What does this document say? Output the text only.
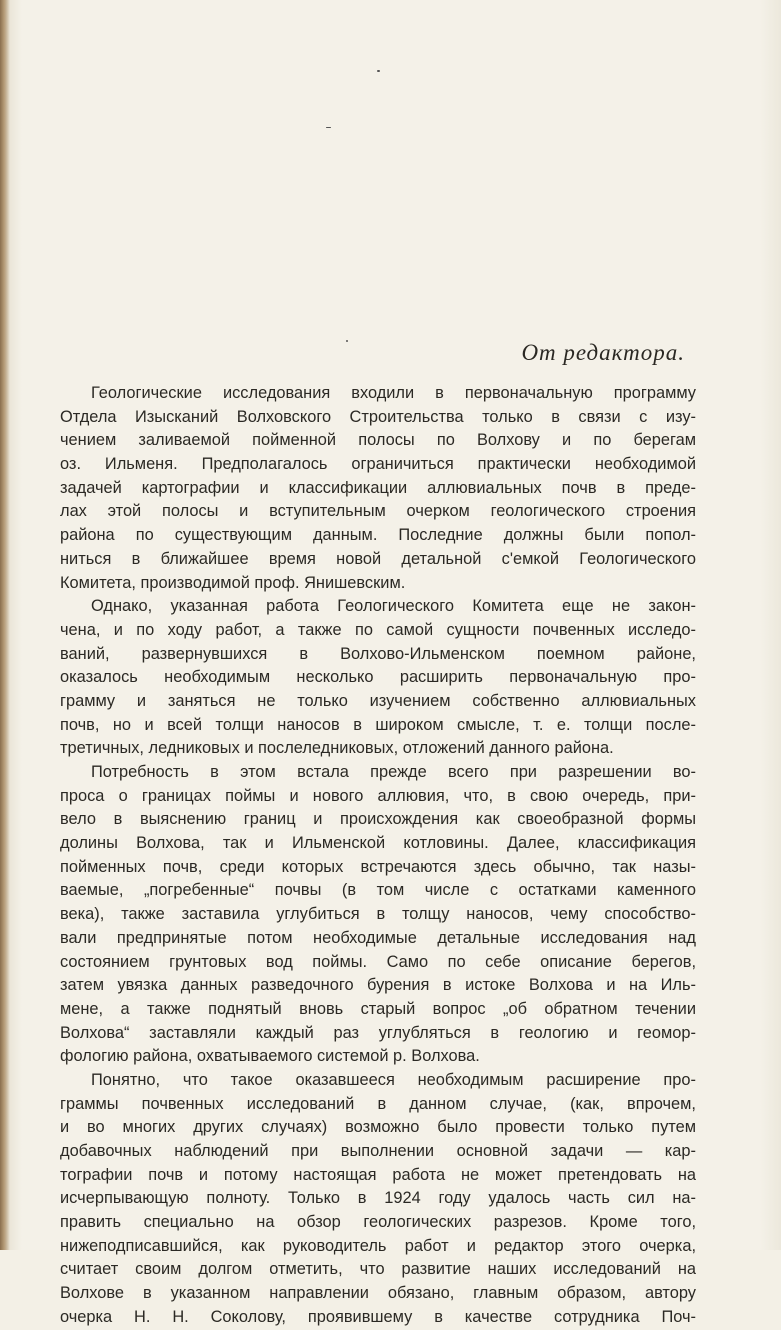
От редактора.
Геологические исследования входили в первоначальную программу
Отдела Изысканий Волховского Строительства только в связи с изу-
чением заливаемой пойменной полосы по Волхову и по берегам
оз. Ильменя. Предполагалось ограничиться практически необходимой
задачей картографии и классификации аллювиальных почв в преде-
лах этой полосы и вступительным очерком геологического строения
района по существующим данным. Последние должны были попол-
ниться в ближайшее время новой детальной с'емкой Геологического
Комитета, производимой проф. Янишевским.
Однако, указанная работа Геологического Комитета еще не закон-
чена, и по ходу работ, а также по самой сущности почвенных исследо-
ваний, развернувшихся в Волхово-Ильменском поемном районе,
оказалось необходимым несколько расширить первоначальную про-
грамму и заняться не только изучением собственно аллювиальных
почв, но и всей толщи наносов в широком смысле, т. е. толщи после-
третичных, ледниковых и послеледниковых, отложений данного района.
Потребность в этом встала прежде всего при разрешении во-
проса о границах поймы и нового аллювия, что, в свою очередь, при-
вело в выяснению границ и происхождения как своеобразной формы
долины Волхова, так и Ильменской котловины. Далее, классификация
пойменных почв, среди которых встречаются здесь обычно, так назы-
ваемые, „погребенные“ почвы (в том числе с остатками каменного
века), также заставила углубиться в толщу наносов, чему способство-
вали предпринятые потом необходимые детальные исследования над
состоянием грунтовых вод поймы. Само по себе описание берегов,
затем увязка данных разведочного бурения в истоке Волхова и на Иль-
мене, а также поднятый вновь старый вопрос „об обратном течении
Волхова“ заставляли каждый раз углубляться в геологию и геомор-
фологию района, охватываемого системой р. Волхова.
Понятно, что такое оказавшееся необходимым расширение про-
граммы почвенных исследований в данном случае, (как, впрочем,
и во многих других случаях) возможно было провести только путем
добавочных наблюдений при выполнении основной задачи — кар-
тографии почв и потому настоящая работа не может претендовать на
исчерпывающую полноту. Только в 1924 году удалось часть сил на-
править специально на обзор геологических разрезов. Кроме того,
нижеподписавшийся, как руководитель работ и редактор этого очерка,
считает своим долгом отметить, что развитие наших исследований на
Волхове в указанном направлении обязано, главным образом, автору
очерка Н. Н. Соколову, проявившему в качестве сотрудника Поч-
